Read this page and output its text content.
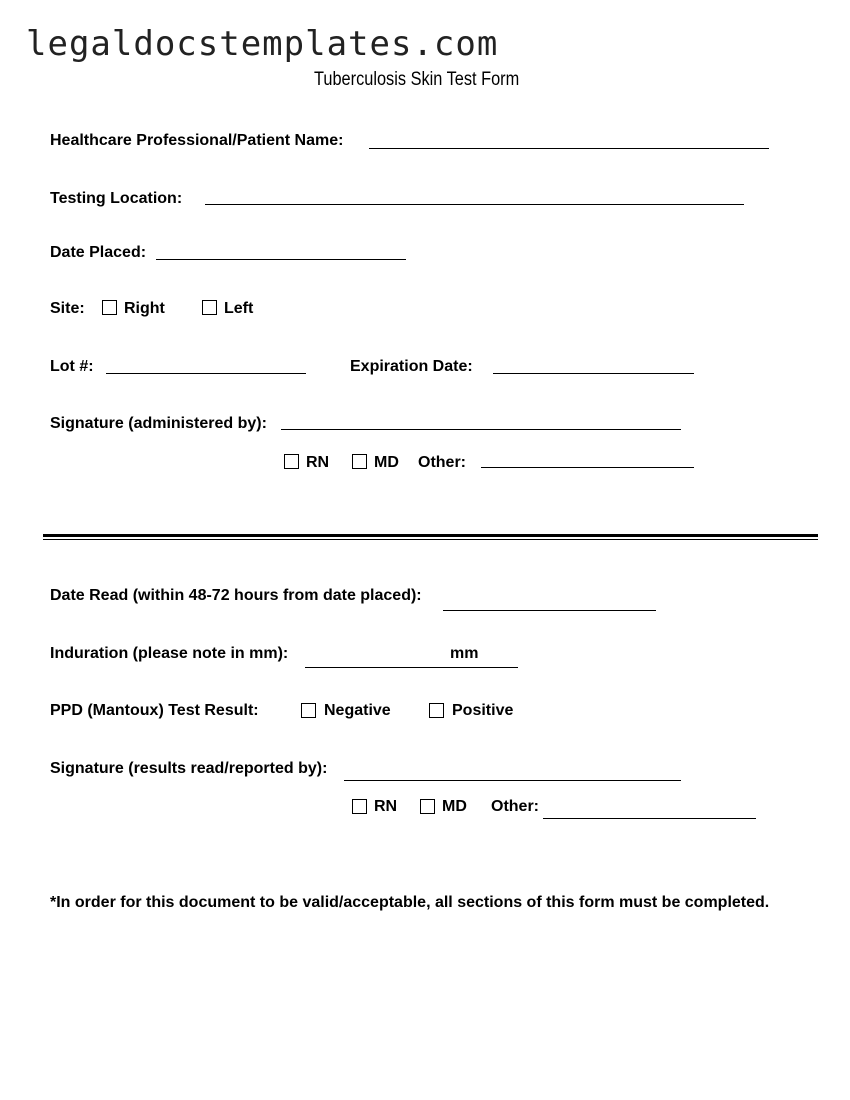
legaldocstemplates.com
Tuberculosis Skin Test Form
Healthcare Professional/Patient Name:
Testing Location:
Date Placed:
Site: Right	Left
Lot #:	Expiration Date:
Signature (administered by):
RN	MD Other:
Date Read (within 48-72 hours from date placed):
Induration (please note in mm):	mm
PPD (Mantoux) Test Result:	Negative	Positive
Signature (results read/reported by):
RN	MD Other:
*In order for this document to be valid/acceptable, all sections of this form must be completed.
